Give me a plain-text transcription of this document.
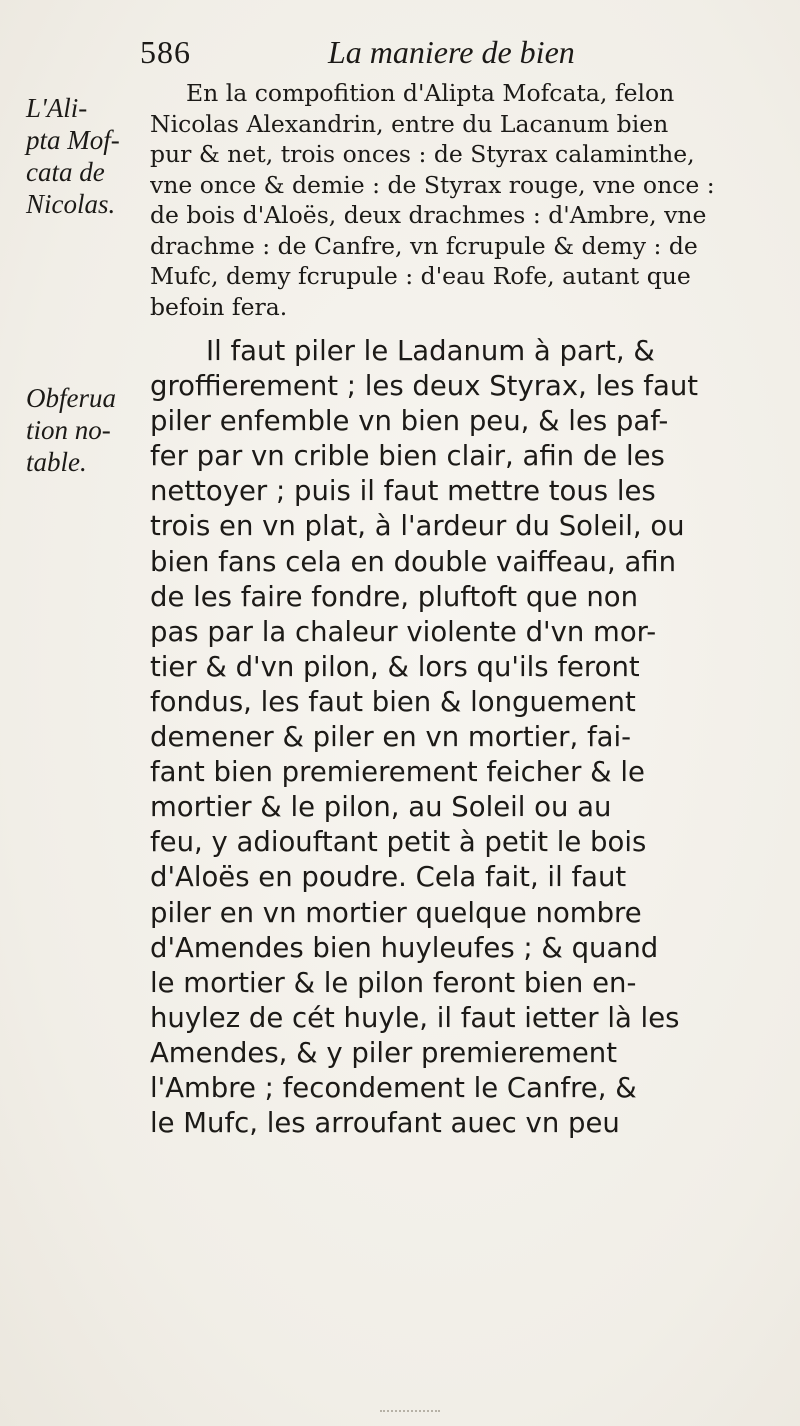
586	La maniere de bien
L'Ali-
pta Mof-
cata de
Nicolas.
Obferua
tion no-
table.
En la compofition d'Alipta Mofcata, felon
Nicolas Alexandrin, entre du Lacanum bien
pur & net, trois onces : de Styrax calaminthe,
vne once & demie : de Styrax rouge, vne once :
de bois d'Aloës, deux drachmes : d'Ambre, vne
drachme : de Canfre, vn fcrupule & demy : de
Mufc, demy fcrupule : d'eau Rofe, autant que
befoin fera.
Il faut piler le Ladanum à part, &
groffierement ; les deux Styrax, les faut
piler enfemble vn bien peu, & les paf-
fer par vn crible bien clair, afin de les
nettoyer ; puis il faut mettre tous les
trois en vn plat, à l'ardeur du Soleil, ou
bien fans cela en double vaiffeau, afin
de les faire fondre, pluftoft que non
pas par la chaleur violente d'vn mor-
tier & d'vn pilon, & lors qu'ils feront
fondus, les faut bien & longuement
demener & piler en vn mortier, fai-
fant bien premierement feicher & le
mortier & le pilon, au Soleil ou au
feu, y adiouftant petit à petit le bois
d'Aloës en poudre. Cela fait, il faut
piler en vn mortier quelque nombre
d'Amendes bien huyleufes ; & quand
le mortier & le pilon feront bien en-
huylez de cét huyle, il faut ietter là les
Amendes, & y piler premierement
l'Ambre ; fecondement le Canfre, &
le Mufc, les arroufant auec vn peu
